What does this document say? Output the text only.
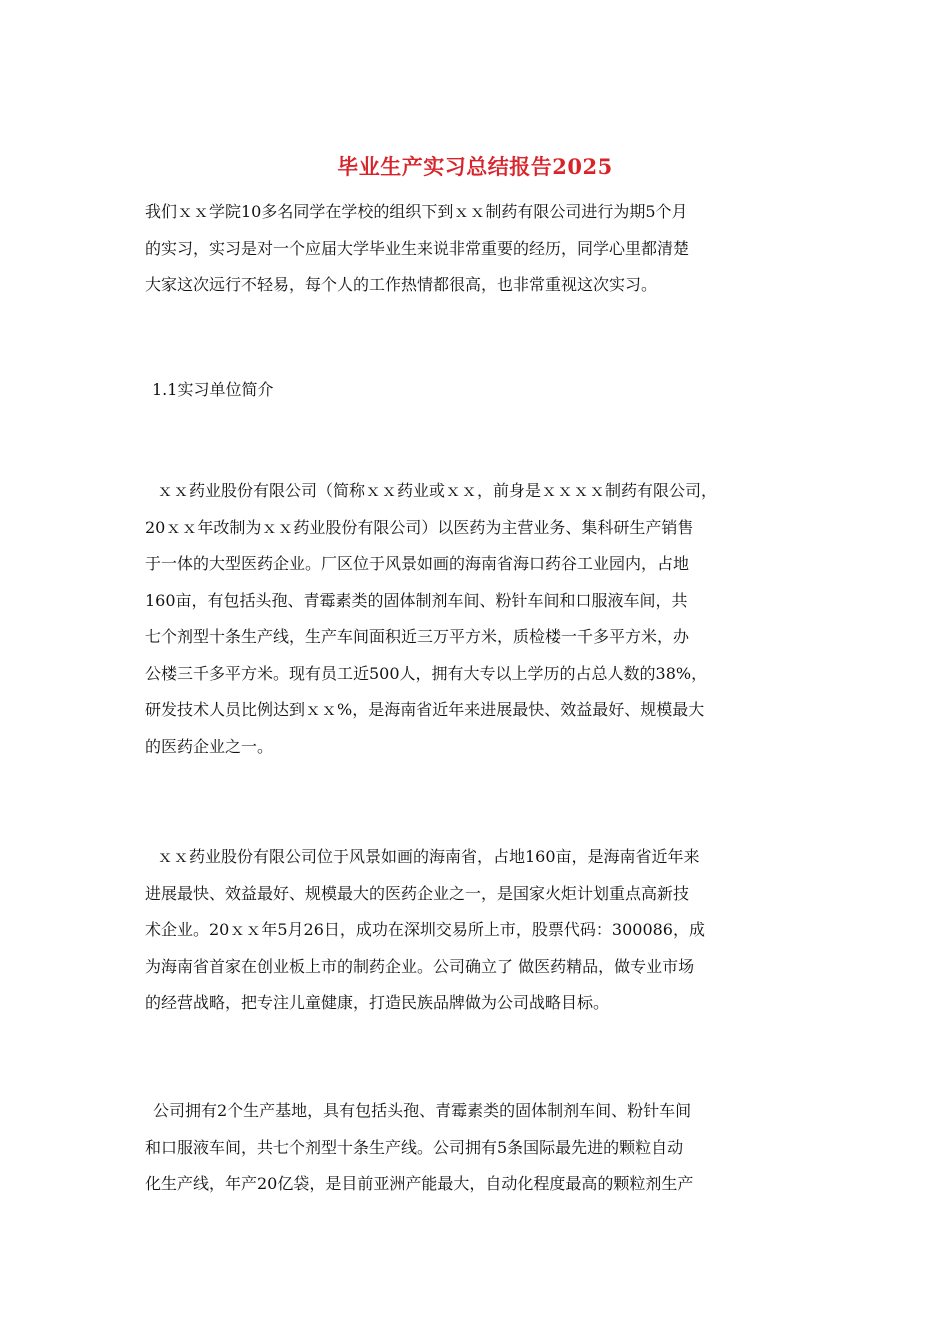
毕业生产实习总结报告2025
我们ｘｘ学院10多名同学在学校的组织下到ｘｘ制药有限公司进行为期5个月
的实习，实习是对一个应届大学毕业生来说非常重要的经历，同学心里都清楚
大家这次远行不轻易，每个人的工作热情都很高，也非常重视这次实习。
1.1实习单位简介
ｘｘ药业股份有限公司（简称ｘｘ药业或ｘｘ，前身是ｘｘｘｘ制药有限公司，
20ｘｘ年改制为ｘｘ药业股份有限公司）以医药为主营业务、集科研生产销售
于一体的大型医药企业。厂区位于风景如画的海南省海口药谷工业园内，占地
160亩，有包括头孢、青霉素类的固体制剂车间、粉针车间和口服液车间，共
七个剂型十条生产线，生产车间面积近三万平方米，质检楼一千多平方米，办
公楼三千多平方米。现有员工近500人，拥有大专以上学历的占总人数的38%，
研发技术人员比例达到ｘｘ%，是海南省近年来进展最快、效益最好、规模最大
的医药企业之一。
ｘｘ药业股份有限公司位于风景如画的海南省，占地160亩，是海南省近年来
进展最快、效益最好、规模最大的医药企业之一，是国家火炬计划重点高新技
术企业。20ｘｘ年5月26日，成功在深圳交易所上市，股票代码：300086，成
为海南省首家在创业板上市的制药企业。公司确立了 做医药精品，做专业市场
的经营战略，把专注儿童健康，打造民族品牌做为公司战略目标。
公司拥有2个生产基地，具有包括头孢、青霉素类的固体制剂车间、粉针车间
和口服液车间，共七个剂型十条生产线。公司拥有5条国际最先进的颗粒自动
化生产线，年产20亿袋，是目前亚洲产能最大，自动化程度最高的颗粒剂生产
